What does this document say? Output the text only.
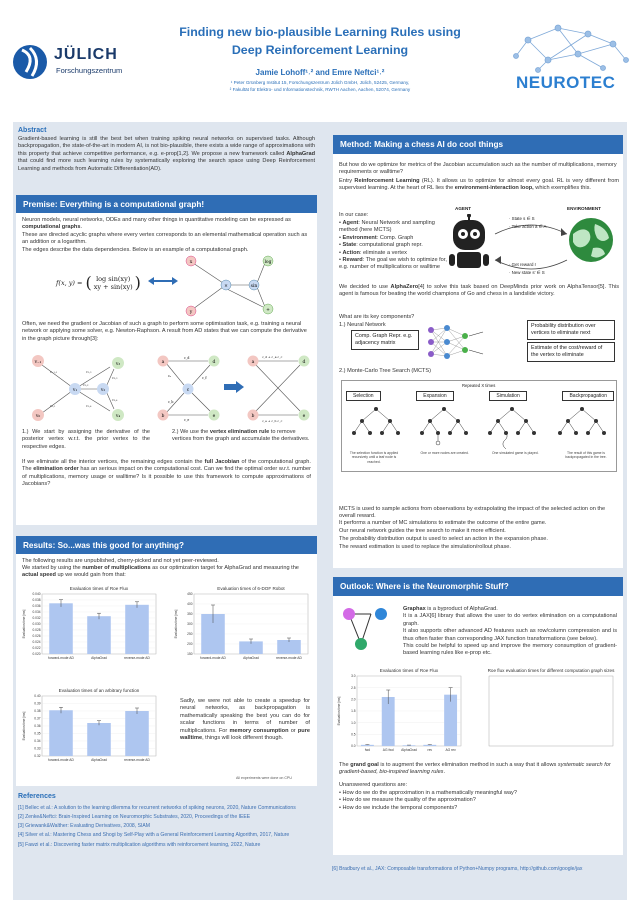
JÜLICH
Forschungszentrum
Finding new bio-plausible Learning Rules using
Deep Reinforcement Learning
Jamie Lohoff¹˒² and Emre Neftci¹˒²
¹ Peter Grünberg Institut 15, Forschungszentrum Jülich GmbH, Jülich, 52425, Germany,
² Fakultät für Elektro- und Informationstechnik, RWTH Aachen, Aachen, 52074, Germany	NEUROTEC
Abstract
Gradient-based learning is still the best bet when training spiking neural networks on supervised tasks. Although backpropagation, the state-of-the-art in modern AI, is not bio-plausible, there exists a wide range of approximations with this property that achieve competitive performance, e.g. e-prop[1,2]. We propose a new framework called AlphaGrad that could find more such learning rules by systematically exploring the search space using Deep Reinforcement Learning and methods from Automatic Differentiation(AD).
Premise: Everything is a computational graph!
Neuron models, neural networks, ODEs and many other things in quantitative modeling can be expressed as computational graphs.
These are directed acyclic graphs where every vertex corresponds to an elemental mathematical operation such as an addition or a logarithm.
The edges describe the data dependencies. Below is an example of a computational graph.
f(x, y) = ( log sin(xy)
xy + sin(xy) )
x
y
×	sin
log
+
Often, we need the gradient or Jacobian of such a graph to perform some optimisation task, e.g. training a neural network or applying some solver, e.g. Newton-Raphson. A result from AD states that we can compute the derivative in the graph picture through[3]:
v₋₁
v₀
v₁	v₂
v₃
v₄
c₋₁,₁
c₀,₁
c₁,₂
c₁,₃
c₁,₄
c₂,₃
c₂,₄
a
b
c
d
e
cₐ
c_b
c_d
c_e
c_f
a
b
d
e
c_d + c_a c_c
c_e + c_b c_c
1.) We start by assigning the derivative of the posterior vertex w.r.t. the prior vertex to the respective edges.
2.) We use the vertex elimination rule to remove vertices from the graph and accumulate the derivatives.
If we eliminate all the interior vertices, the remaining edges contain the full Jacobian of the computational graph. The elimination order has an serious impact on the computational cost. Can we find the optimal order w.r.t. number of multiplications, memory usage or walltime? Is it possible to use this framework to compute approximations of Jacobians?
Results: So...was this good for anything?
The following results are unpublished, cherry-picked and not yet peer-reviewed.
We started by using the number of multiplications as our optimization target for AlphaGrad and measuring the actual speed up we would gain from that:
Evaluation times of Roe Flux
0.020
0.022
0.024
0.026
0.028
0.030
0.032
0.034
0.036
0.038
0.040
Evaluation time [ms]
forward-mode AD	AlphaGrad	reverse-mode AD
Evaluation times of 6-DOF Robot
150
200
250
300
350
400
450
Evaluation time [ms]
forward-mode AD	AlphaGrad	reverse-mode AD
Evaluation times of an arbitrary function
0.32
0.33
0.34
0.35
0.36
0.37
0.38
0.39
0.40
Evaluation time [ms]
forward-mode AD	AlphaGrad	reverse-mode AD
Sadly, we were not able to create a speedup for neural networks, as backpropagation is mathematically speaking the best you can do for scalar functions in terms of number of multiplications. For memory consumption or pure walltime, things will look different though.
All experiments were done on CPU
References
[1] Bellec et al.: A solution to the learning dilemma for recurrent networks of spiking neurons, 2020, Nature Communications
[2] Zenke&Neftci: Brain-Inspired Learning on Neuromorphic Substrates, 2020, Proceedings of the IEEE
[3] Griewank&Walther: Evaluating Derivatives, 2008, SIAM
[4] Silver et al.: Mastering Chess and Shogi by Self-Play with a General Reinforcement Learning Algorithm, 2017, Nature
[5] Fawzi et al.: Discovering faster matrix multiplication algorithms with reinforcement learning, 2022, Nature
[6] Bradbury et al., JAX: Composable transformations of Python+Numpy programs, http://github.com/google/jax
Method: Making a chess AI do cool things
But how do we optimize for metrics of the Jacobian accumulation such as the number of multiplications, memory requirements or walltime?
Entry Reinforcement Learning (RL). It allows us to optimize for almost every goal. RL is very different from supervised learning. At the heart of RL lies the environment-interaction loop, which exemplifies this.
In our case:
• Agent: Neural Network and sampling method (here MCTS)
• Environment: Comp. Graph
• State: computational graph repr.
• Action: eliminate a vertex
• Reward: The goal we wish to optimize for, e.g. number of multiplications or walltime
AGENT	ENVIRONMENT
· State s ∈ S
· Take action a ∈ A
· Get reward r
· New state s′ ∈ S
We decided to use AlphaZero[4] to solve this task based on DeepMinds prior work on AlphaTensor[5]. This agent is famous for beating the world champions of Go and chess in a landslide victory.
What are its key components?
1.) Neural Network
Comp. Graph Repr. e.g. adjacency matrix
Probability distribution over vertices to eliminate next
Estimate of the cost/reward of the vertex to eliminate
2.) Monte-Carlo Tree Search (MCTS)
Repeated X times
Selection	Expansion	Simulation	Backpropagation
The selection function is applied recursively until a leaf node is reached.
One or more nodes are created.	One simulated game is played.	The result of this game is backpropagated in the tree.
MCTS is used to sample actions from observations by extrapolating the impact of the selected action on the overall reward.
It performs a number of MC simulations to estimate the outcome of the entire game.
Our neural network guides the tree search to make it more efficient.
The probability distribution output is used to select an action in the expansion phase.
The reward estimation is used to replace the simulation/rollout phase.
Outlook: Where is the Neuromorphic Stuff?
Graphax is a byproduct of AlphaGrad.
It is a JAX[6] library that allows the user to do vertex elimination on a computational graph.
It also supports other advanced AD features such as row/column compression and is thus often faster than corresponding JAX function transformations (see below).
This could be helpful to speed up and improve the memory consumption of gradient-based learning rules like e-prop etc.
Evaluation times of Roe Flux
0.0
0.5
1.0
1.5
2.0
2.5
3.0
Evaluation time [ms]
fwd	AG fwd AlphaGrad	rev	AG rev
Roe flux evaluation times for different computation graph sizes
The grand goal is to augment the vertex elimination method in such a way that it allows systematic search for gradient-based, bio-inspired learning rules.
Unanswered questions are:
• How do we do the approximation in a mathematically meaningful way?
• How do we measure the quality of the approximation?
• How do we include the temporal components?
